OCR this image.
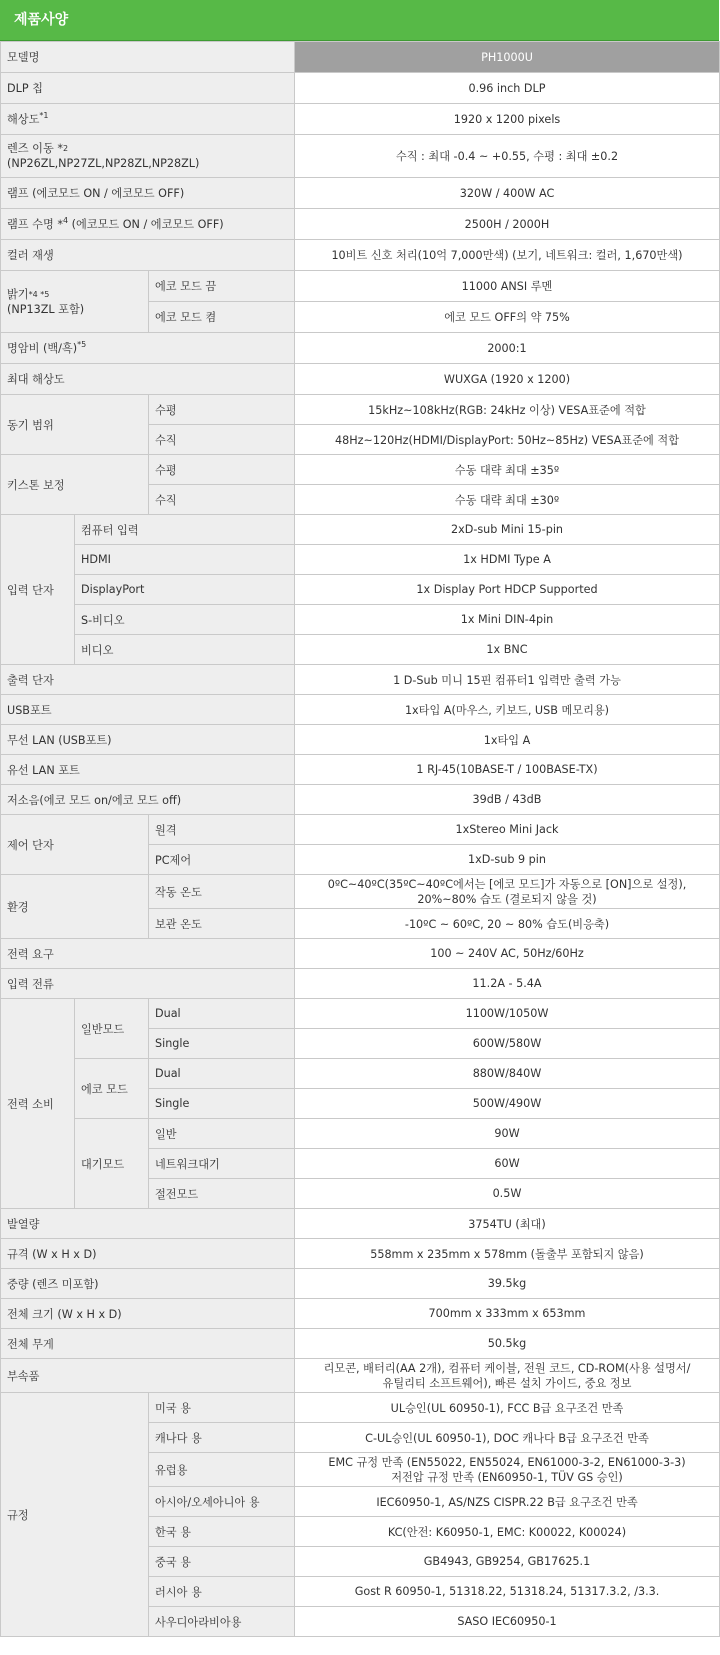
제품사양
모델명			PH1000U
DLP 칩			0.96 inch DLP
해상도$^{*1}$			1920 x 1200 pixels
렌즈 이동 *$^2$
(NP26ZL,NP27ZL,NP28ZL,NP28ZL)			수직 : 최대 -0.4 ~ +0.55, 수평 : 최대 ±0.2
램프 (에코모드 ON / 에코모드 OFF)			320W / 400W AC
램프 수명 *$^4$ (에코모드 ON / 에코모드 OFF)			2500H / 2000H
컬러 재생			10비트 신호 처리(10억 7,000만색) (보기, 네트워크: 컬러, 1,670만색)
밝기$^{*4 *5}$
(NP13ZL 포함)		에코 모드 끔	11000 ANSI 루멘
		에코 모드 켬	에코 모드 OFF의 약 75%
명암비 (백/흑)$^{*5}$			2000:1
최대 해상도			WUXGA (1920 x 1200)
동기 범위		수평	15kHz~108kHz(RGB: 24kHz 이상) VESA표준에 적합
		수직	48Hz~120Hz(HDMI/DisplayPort: 50Hz~85Hz) VESA표준에 적합
키스톤 보정		수평	수동 대략 최대 ±35º
		수직	수동 대략 최대 ±30º
입력 단자	컴퓨터 입력		2xD-sub Mini 15-pin
	HDMI		1x HDMI Type A
	DisplayPort		1x Display Port HDCP Supported
	S-비디오		1x Mini DIN-4pin
	비디오		1x BNC
출력 단자			1 D-Sub 미니 15핀 컴퓨터1 입력만 출력 가능
USB포트			1x타입 A(마우스, 키보드, USB 메모리용)
무선 LAN (USB포트)			1x타입 A
유선 LAN 포트			1 RJ-45(10BASE-T / 100BASE-TX)
저소음(에코 모드 on/에코 모드 off)			39dB / 43dB
제어 단자		원격	1xStereo Mini Jack
		PC제어	1xD-sub 9 pin
환경		작동 온도	0ºC~40ºC(35ºC~40ºC에서는 [에코 모드]가 자동으로 [ON]으로 설정),
20%~80% 습도 (결로되지 않을 것)
		보관 온도	-10ºC ~ 60ºC, 20 ~ 80% 습도(비응축)
전력 요구			100 ~ 240V AC, 50Hz/60Hz
입력 전류			11.2A - 5.4A
전력 소비	일반모드	Dual	1100W/1050W
		Single	600W/580W
	에코 모드	Dual	880W/840W
		Single	500W/490W
	대기모드	일반	90W
		네트워크대기	60W
		절전모드	0.5W
발열량			3754TU (최대)
규격 (W x H x D)			558mm x 235mm x 578mm (돌출부 포함되지 않음)
중량 (렌즈 미포함)			39.5kg
전체 크기 (W x H x D)			700mm x 333mm x 653mm
전체 무게			50.5kg
부속품			리모콘, 배터리(AA 2개), 컴퓨터 케이블, 전원 코드, CD-ROM(사용 설명서/
유틸리티 소프트웨어), 빠른 설치 가이드, 중요 정보
규정		미국 용	UL승인(UL 60950-1), FCC B급 요구조건 만족
		캐나다 용	C-UL승인(UL 60950-1), DOC 캐나다 B급 요구조건 만족
		유럽용	EMC 규정 만족 (EN55022, EN55024, EN61000-3-2, EN61000-3-3)
저전압 규정 만족 (EN60950-1, TÜV GS 승인)
		아시아/오세아니아 용	IEC60950-1, AS/NZS CISPR.22 B급 요구조건 만족
		한국 용	KC(안전: K60950-1, EMC: K00022, K00024)
		중국 용	GB4943, GB9254, GB17625.1
		러시아 용	Gost R 60950-1, 51318.22, 51318.24, 51317.3.2, /3.3.
		사우디아라비아용	SASO IEC60950-1
